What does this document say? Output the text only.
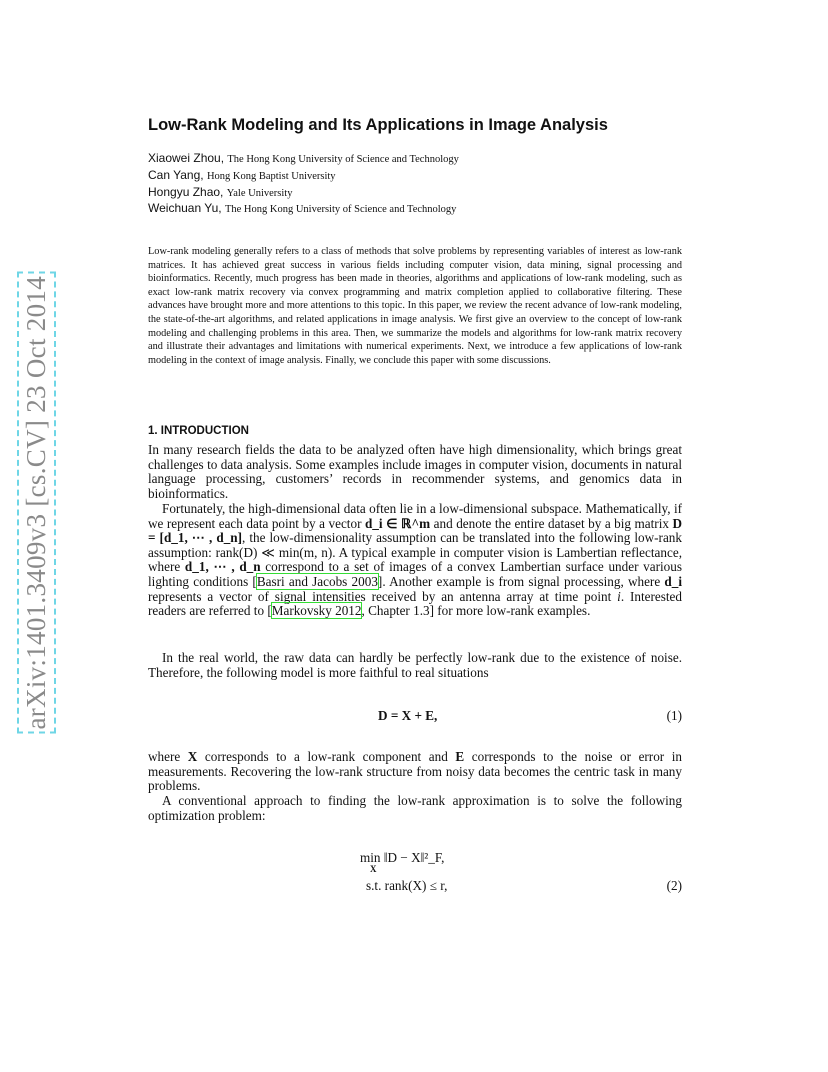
arXiv:1401.3409v3 [cs.CV] 23 Oct 2014
Low-Rank Modeling and Its Applications in Image Analysis
Xiaowei Zhou, The Hong Kong University of Science and Technology
Can Yang, Hong Kong Baptist University
Hongyu Zhao, Yale University
Weichuan Yu, The Hong Kong University of Science and Technology

Low-rank modeling generally refers to a class of methods that solve problems by representing variables of interest as low-rank matrices. It has achieved great success in various fields including computer vision, data mining, signal processing and bioinformatics. Recently, much progress has been made in theories, algorithms and applications of low-rank modeling, such as exact low-rank matrix recovery via convex programming and matrix completion applied to collaborative filtering. These advances have brought more and more attentions to this topic. In this paper, we review the recent advance of low-rank modeling, the state-of-the-art algorithms, and related applications in image analysis. We first give an overview to the concept of low-rank modeling and challenging problems in this area. Then, we summarize the models and algorithms for low-rank matrix recovery and illustrate their advantages and limitations with numerical experiments. Next, we introduce a few applications of low-rank modeling in the context of image analysis. Finally, we conclude this paper with some discussions.

1. INTRODUCTION

In many research fields the data to be analyzed often have high dimensionality, which brings great challenges to data analysis. Some examples include images in computer vision, documents in natural language processing, customers’ records in recommender systems, and genomics data in bioinformatics.

Fortunately, the high-dimensional data often lie in a low-dimensional subspace. Mathematically, if we represent each data point by a vector d_i ∈ ℝ^m and denote the entire dataset by a big matrix D = [d_1, ⋯ , d_n], the low-dimensionality assumption can be translated into the following low-rank assumption: rank(D) ≪ min(m, n). A typical example in computer vision is Lambertian reflectance, where d_1, ⋯ , d_n correspond to a set of images of a convex Lambertian surface under various lighting conditions [Basri and Jacobs 2003]. Another example is from signal processing, where d_i represents a vector of signal intensities received by an antenna array at time point i. Interested readers are referred to [Markovsky 2012, Chapter 1.3] for more low-rank examples.

In the real world, the raw data can hardly be perfectly low-rank due to the existence of noise. Therefore, the following model is more faithful to real situations

D = X + E,	(1)

where X corresponds to a low-rank component and E corresponds to the noise or error in measurements. Recovering the low-rank structure from noisy data becomes the centric task in many problems.

A conventional approach to finding the low-rank approximation is to solve the following optimization problem:

min ‖D − X‖²_F,
X
s.t. rank(X) ≤ r,	(2)
